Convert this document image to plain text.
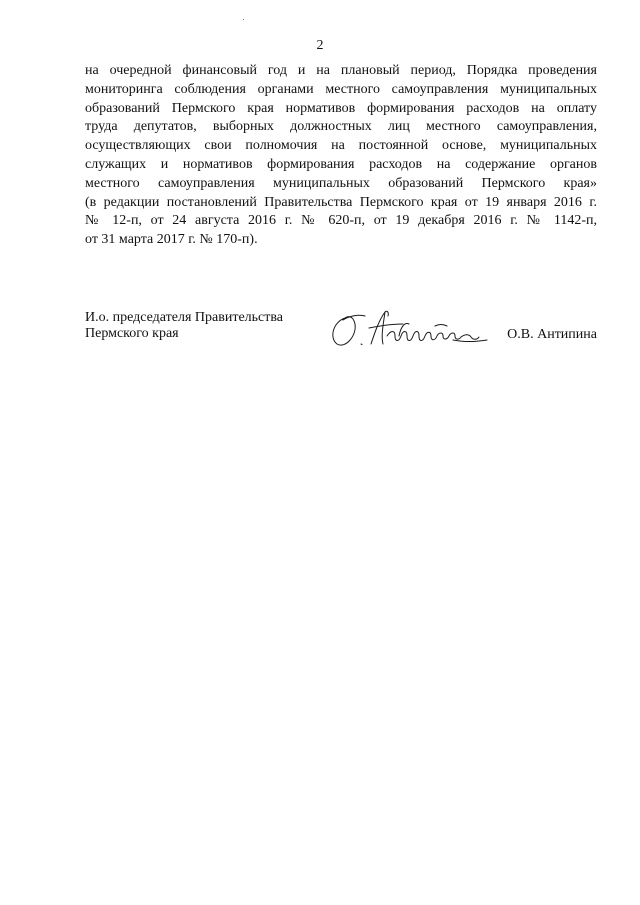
2
на очередной финансовый год и на плановый период, Порядка проведения
мониторинга соблюдения органами местного самоуправления муниципальных
образований Пермского края нормативов формирования расходов на оплату
труда депутатов, выборных должностных лиц местного самоуправления,
осуществляющих свои полномочия на постоянной основе, муниципальных
служащих и нормативов формирования расходов на содержание органов
местного самоуправления муниципальных образований Пермского края»
(в редакции постановлений Правительства Пермского края от 19 января 2016 г.
№ 12-п, от 24 августа 2016 г. № 620-п, от 19 декабря 2016 г. № 1142-п,
от 31 марта 2017 г. № 170-п).
И.о. председателя Правительства
Пермского края	О.В. Антипина
